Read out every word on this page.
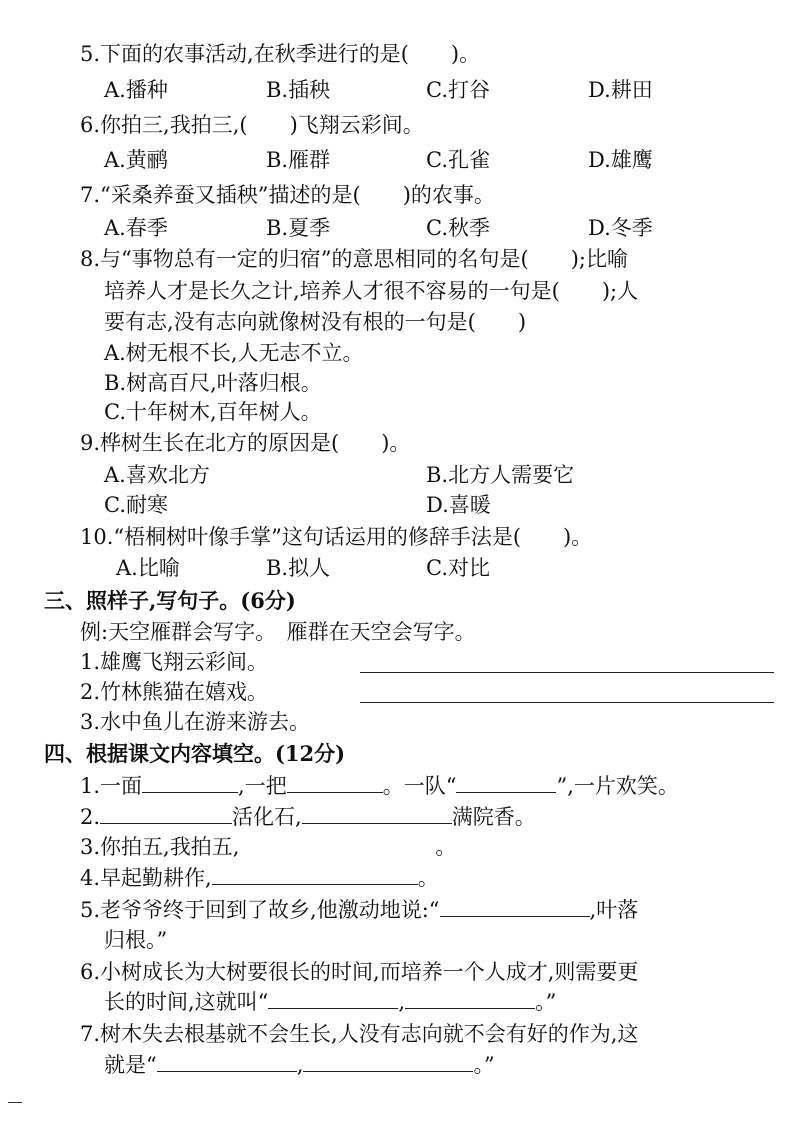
5.下面的农事活动,在秋季进行的是(　　)。
A.播种	B.插秧	C.打谷	D.耕田
6.你拍三,我拍三,(　　)飞翔云彩间。
A.黄鹂	B.雁群	C.孔雀	D.雄鹰
7.“采桑养蚕又插秧”描述的是(　　)的农事。
A.春季	B.夏季	C.秋季	D.冬季
8.与“事物总有一定的归宿”的意思相同的名句是(　　);比喻
培养人才是长久之计,培养人才很不容易的一句是(　　);人
要有志,没有志向就像树没有根的一句是(　　)
A.树无根不长,人无志不立。
B.树高百尺,叶落归根。
C.十年树木,百年树人。
9.桦树生长在北方的原因是(　　)。
A.喜欢北方	B.北方人需要它
C.耐寒	D.喜暖
10.“梧桐树叶像手掌”这句话运用的修辞手法是(　　)。
A.比喻	B.拟人	C.对比
三、照样子,写句子。(6分)
例:天空雁群会写字。　雁群在天空会写字。
1.雄鹰飞翔云彩间。
2.竹林熊猫在嬉戏。
3.水中鱼儿在游来游去。
四、根据课文内容填空。(12分)
1.一面	,一把	。一队“	”,一片欢笑。
2.	活化石,	满院香。
3.你拍五,我拍五,	。
4.早起勤耕作,	。
5.老爷爷终于回到了故乡,他激动地说:“	,叶落
归根。”
6.小树成长为大树要很长的时间,而培养一个人成才,则需要更
长的时间,这就叫“	,	。”
7.树木失去根基就不会生长,人没有志向就不会有好的作为,这
就是“	,	。”
